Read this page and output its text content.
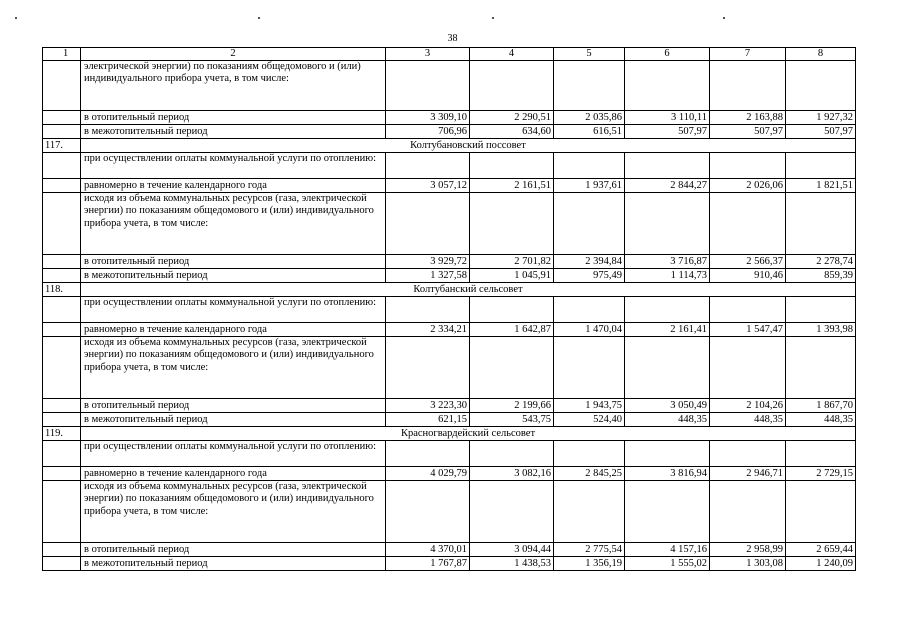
38
1	2	3	4	5	6	7	8
	электрической энергии) по показаниям общедомового и (или) индивидуального прибора учета, в том числе:						
	в отопительный период	3 309,10	2 290,51	2 035,86	3 110,11	2 163,88	1 927,32
	в межотопительный период	706,96	634,60	616,51	507,97	507,97	507,97
117.	Колтубановский поссовет						
	при осуществлении оплаты коммунальной услуги по отоплению:						
	равномерно в течение календарного года	3 057,12	2 161,51	1 937,61	2 844,27	2 026,06	1 821,51
	исходя из объема коммунальных ресурсов (газа, электрической энергии) по показаниям общедомового и (или) индивидуального прибора учета, в том числе:						
	в отопительный период	3 929,72	2 701,82	2 394,84	3 716,87	2 566,37	2 278,74
	в межотопительный период	1 327,58	1 045,91	975,49	1 114,73	910,46	859,39
118.	Колтубанский сельсовет						
	при осуществлении оплаты коммунальной услуги по отоплению:						
	равномерно в течение календарного года	2 334,21	1 642,87	1 470,04	2 161,41	1 547,47	1 393,98
	исходя из объема коммунальных ресурсов (газа, электрической энергии) по показаниям общедомового и (или) индивидуального прибора учета, в том числе:						
	в отопительный период	3 223,30	2 199,66	1 943,75	3 050,49	2 104,26	1 867,70
	в межотопительный период	621,15	543,75	524,40	448,35	448,35	448,35
119.	Красногвардейский сельсовет						
	при осуществлении оплаты коммунальной услуги по отоплению:						
	равномерно в течение календарного года	4 029,79	3 082,16	2 845,25	3 816,94	2 946,71	2 729,15
	исходя из объема коммунальных ресурсов (газа, электрической энергии) по показаниям общедомового и (или) индивидуального прибора учета, в том числе:						
	в отопительный период	4 370,01	3 094,44	2 775,54	4 157,16	2 958,99	2 659,44
	в межотопительный период	1 767,87	1 438,53	1 356,19	1 555,02	1 303,08	1 240,09
